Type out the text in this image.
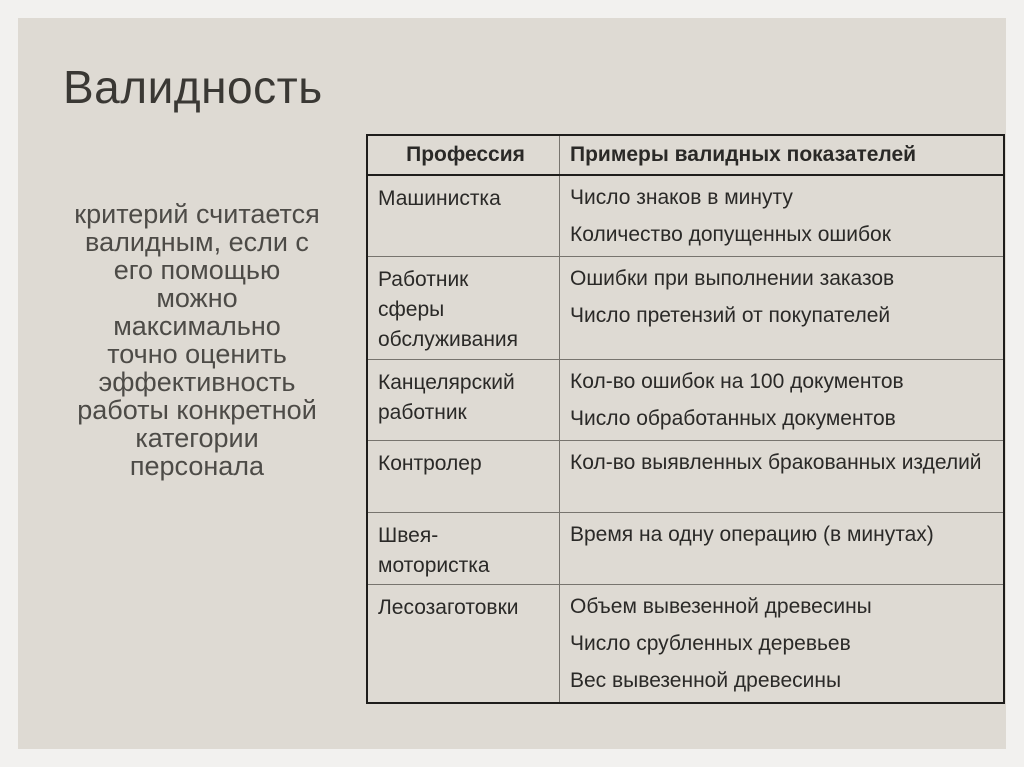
Валидность
критерий считается
валидным, если с
его помощью
можно
максимально
точно оценить
эффективность
работы конкретной
категории
персонала
Профессия	Примеры валидных показателей

Машинистка	Число знаков в минуту
Количество допущенных ошибок

Работник
сферы
обслуживания	Ошибки при выполнении заказов
Число претензий от покупателей

Канцелярский
работник	Кол-во ошибок на 100 документов
Число обработанных документов

Контролер	Кол-во выявленных бракованных изделий

Швея-
мотористка	Время на одну операцию (в минутах)

Лесозаготовки	Объем вывезенной древесины
Число срубленных деревьев
Вес вывезенной древесины
